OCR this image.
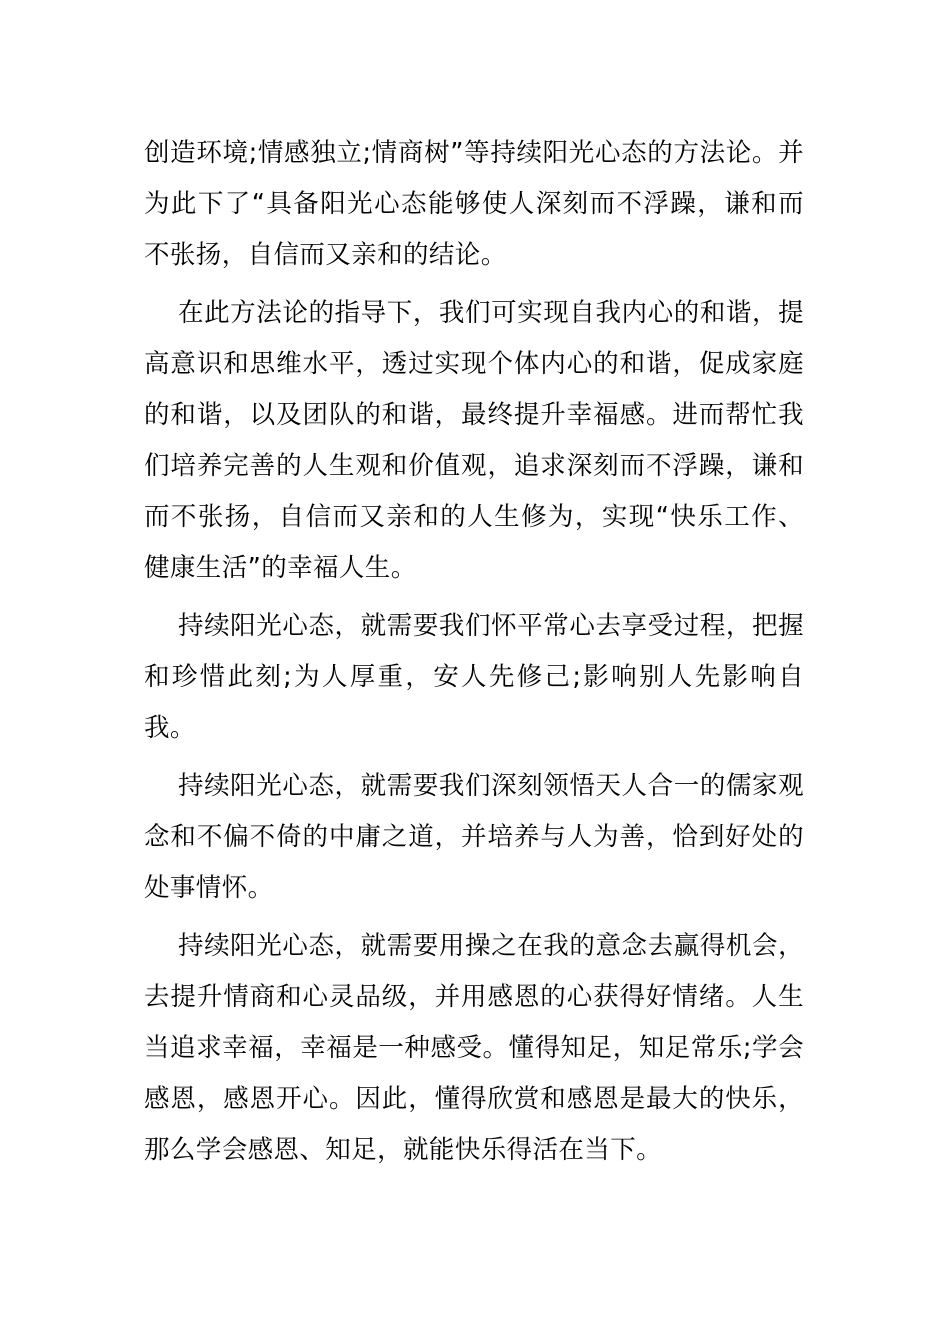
创造环境;情感独立;情商树”等持续阳光心态的方法论。并为此下了“具备阳光心态能够使人深刻而不浮躁，谦和而不张扬，自信而又亲和的结论。

在此方法论的指导下，我们可实现自我内心的和谐，提高意识和思维水平，透过实现个体内心的和谐，促成家庭的和谐，以及团队的和谐，最终提升幸福感。进而帮忙我们培养完善的人生观和价值观，追求深刻而不浮躁，谦和而不张扬，自信而又亲和的人生修为，实现“快乐工作、健康生活”的幸福人生。

持续阳光心态，就需要我们怀平常心去享受过程，把握和珍惜此刻;为人厚重，安人先修己;影响别人先影响自我。

持续阳光心态，就需要我们深刻领悟天人合一的儒家观念和不偏不倚的中庸之道，并培养与人为善，恰到好处的处事情怀。

持续阳光心态，就需要用操之在我的意念去赢得机会，去提升情商和心灵品级，并用感恩的心获得好情绪。人生当追求幸福，幸福是一种感受。懂得知足，知足常乐;学会感恩，感恩开心。因此，懂得欣赏和感恩是最大的快乐，那么学会感恩、知足，就能快乐得活在当下。
